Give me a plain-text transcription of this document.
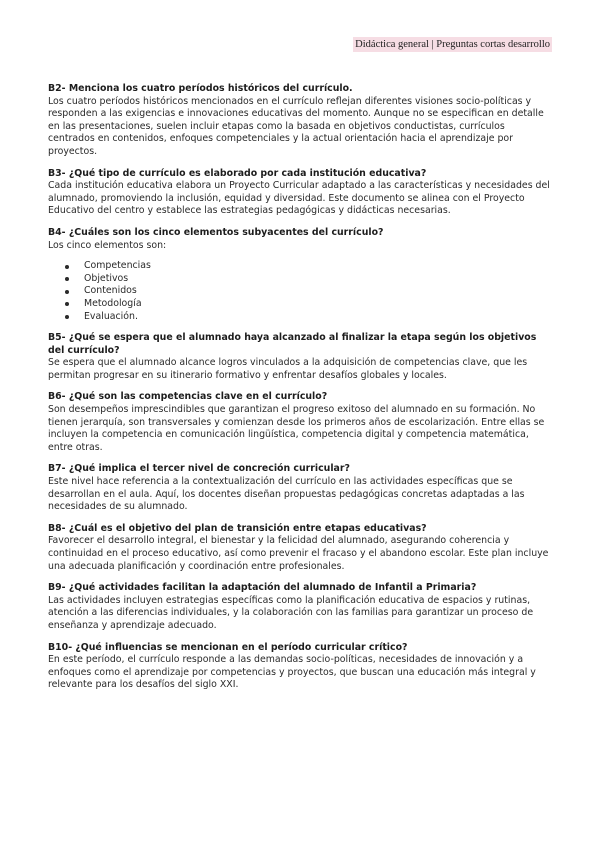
Didáctica general | Preguntas cortas desarrollo
B2- Menciona los cuatro períodos históricos del currículo.
Los cuatro períodos históricos mencionados en el currículo reflejan diferentes visiones socio-políticas y responden a las exigencias e innovaciones educativas del momento. Aunque no se especifican en detalle en las presentaciones, suelen incluir etapas como la basada en objetivos conductistas, currículos centrados en contenidos, enfoques competenciales y la actual orientación hacia el aprendizaje por proyectos.
B3- ¿Qué tipo de currículo es elaborado por cada institución educativa?
Cada institución educativa elabora un Proyecto Curricular adaptado a las características y necesidades del alumnado, promoviendo la inclusión, equidad y diversidad. Este documento se alinea con el Proyecto Educativo del centro y establece las estrategias pedagógicas y didácticas necesarias.
B4- ¿Cuáles son los cinco elementos subyacentes del currículo?
Los cinco elementos son:
Competencias
Objetivos
Contenidos
Metodología
Evaluación.
B5- ¿Qué se espera que el alumnado haya alcanzado al finalizar la etapa según los objetivos del currículo?
Se espera que el alumnado alcance logros vinculados a la adquisición de competencias clave, que les permitan progresar en su itinerario formativo y enfrentar desafíos globales y locales.
B6- ¿Qué son las competencias clave en el currículo?
Son desempeños imprescindibles que garantizan el progreso exitoso del alumnado en su formación. No tienen jerarquía, son transversales y comienzan desde los primeros años de escolarización. Entre ellas se incluyen la competencia en comunicación lingüística, competencia digital y competencia matemática, entre otras.
B7- ¿Qué implica el tercer nivel de concreción curricular?
Este nivel hace referencia a la contextualización del currículo en las actividades específicas que se desarrollan en el aula. Aquí, los docentes diseñan propuestas pedagógicas concretas adaptadas a las necesidades de su alumnado.
B8- ¿Cuál es el objetivo del plan de transición entre etapas educativas?
Favorecer el desarrollo integral, el bienestar y la felicidad del alumnado, asegurando coherencia y continuidad en el proceso educativo, así como prevenir el fracaso y el abandono escolar. Este plan incluye una adecuada planificación y coordinación entre profesionales.
B9- ¿Qué actividades facilitan la adaptación del alumnado de Infantil a Primaria?
Las actividades incluyen estrategias específicas como la planificación educativa de espacios y rutinas, atención a las diferencias individuales, y la colaboración con las familias para garantizar un proceso de enseñanza y aprendizaje adecuado.
B10- ¿Qué influencias se mencionan en el período curricular crítico?
En este período, el currículo responde a las demandas socio-políticas, necesidades de innovación y a enfoques como el aprendizaje por competencias y proyectos, que buscan una educación más integral y relevante para los desafíos del siglo XXI.
